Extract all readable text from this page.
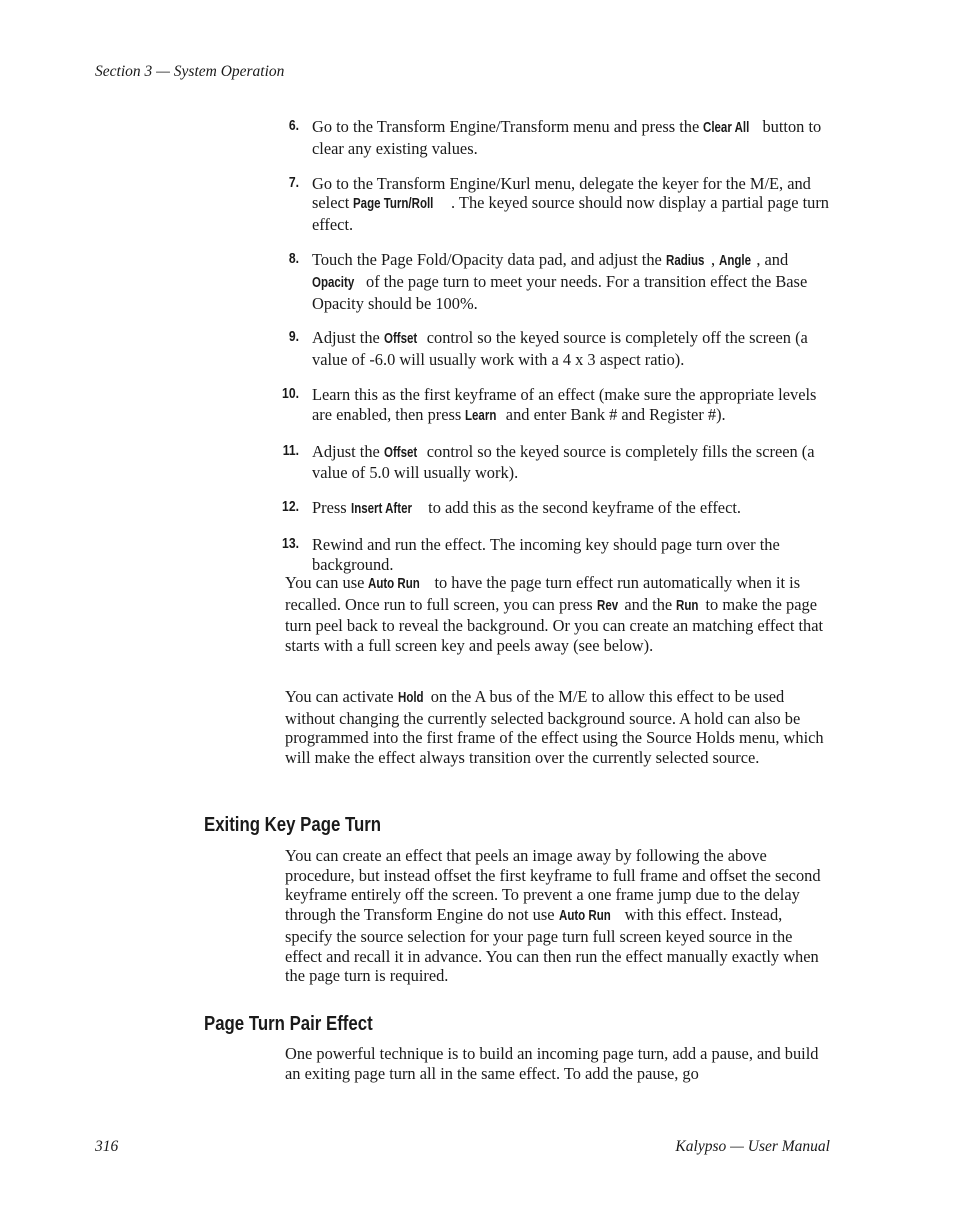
Section 3 — System Operation
6. Go to the Transform Engine/Transform menu and press the Clear All button to clear any existing values.
7. Go to the Transform Engine/Kurl menu, delegate the keyer for the M/E, and select Page Turn/Roll . The keyed source should now display a partial page turn effect.
8. Touch the Page Fold/Opacity data pad, and adjust the Radius , Angle , and Opacity of the page turn to meet your needs. For a transition effect the Base Opacity should be 100%.
9. Adjust the Offset control so the keyed source is completely off the screen (a value of -6.0 will usually work with a 4 x 3 aspect ratio).
10. Learn this as the first keyframe of an effect (make sure the appropriate levels are enabled, then press Learn and enter Bank # and Register #).
11. Adjust the Offset control so the keyed source is completely fills the screen (a value of 5.0 will usually work).
12. Press Insert After to add this as the second keyframe of the effect.
13. Rewind and run the effect. The incoming key should page turn over the background.

You can use Auto Run to have the page turn effect run automatically when it is recalled. Once run to full screen, you can press Rev and the Run to make the page turn peel back to reveal the background. Or you can create an matching effect that starts with a full screen key and peels away (see below).

You can activate Hold on the A bus of the M/E to allow this effect to be used without changing the currently selected background source. A hold can also be programmed into the first frame of the effect using the Source Holds menu, which will make the effect always transition over the currently selected source.

Exiting Key Page Turn

You can create an effect that peels an image away by following the above procedure, but instead offset the first keyframe to full frame and offset the second keyframe entirely off the screen. To prevent a one frame jump due to the delay through the Transform Engine do not use Auto Run with this effect. Instead, specify the source selection for your page turn full screen keyed source in the effect and recall it in advance. You can then run the effect manually exactly when the page turn is required.

Page Turn Pair Effect

One powerful technique is to build an incoming page turn, add a pause, and build an exiting page turn all in the same effect. To add the pause, go

316	Kalypso — User Manual
